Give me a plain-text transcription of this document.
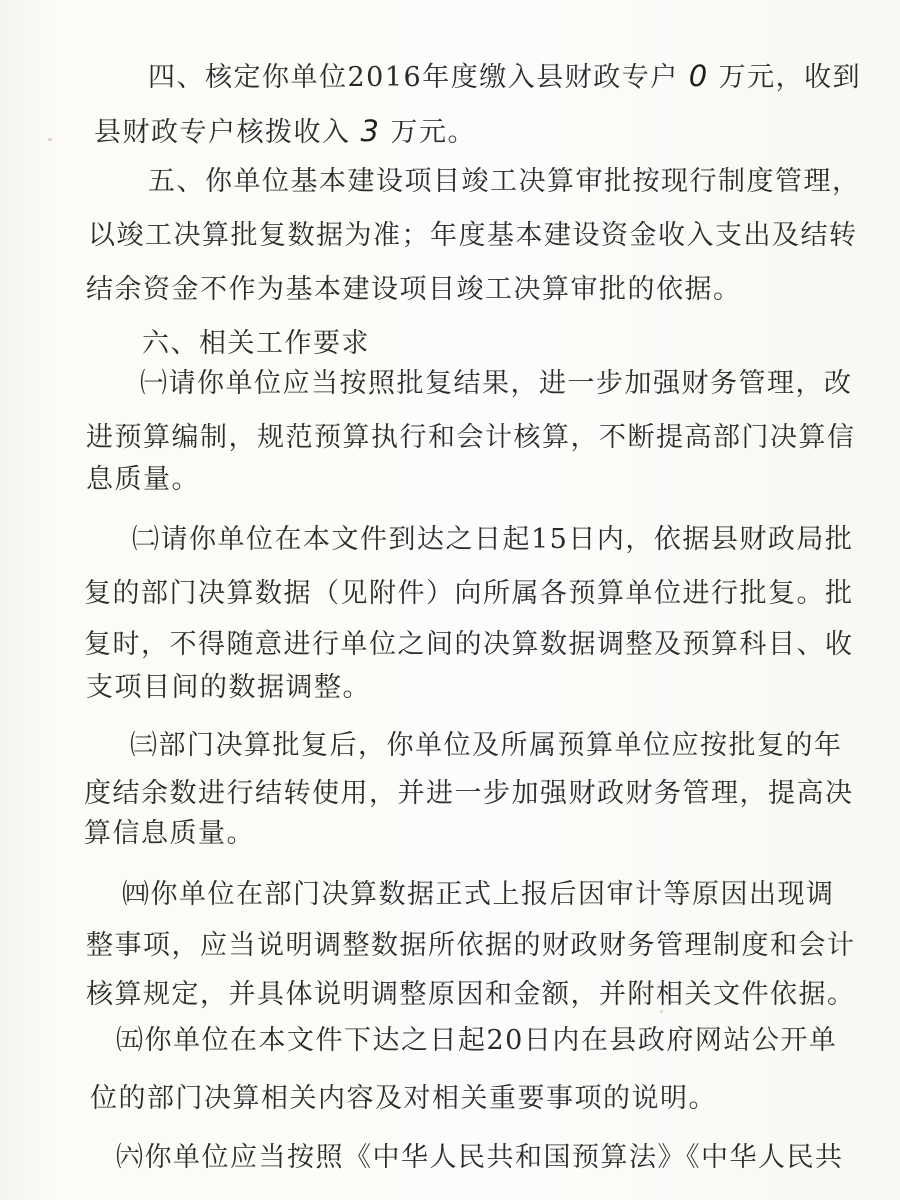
四、核定你单位2016年度缴入县财政专户 0 万元，收到
县财政专户核拨收入 3 万元。
五、你单位基本建设项目竣工决算审批按现行制度管理，
以竣工决算批复数据为准；年度基本建设资金收入支出及结转
结余资金不作为基本建设项目竣工决算审批的依据。
六、相关工作要求
㈠请你单位应当按照批复结果，进一步加强财务管理，改
进预算编制，规范预算执行和会计核算，不断提高部门决算信
息质量。
㈡请你单位在本文件到达之日起15日内，依据县财政局批
复的部门决算数据（见附件）向所属各预算单位进行批复。批
复时，不得随意进行单位之间的决算数据调整及预算科目、收
支项目间的数据调整。
㈢部门决算批复后，你单位及所属预算单位应按批复的年
度结余数进行结转使用，并进一步加强财政财务管理，提高决
算信息质量。
㈣你单位在部门决算数据正式上报后因审计等原因出现调
整事项，应当说明调整数据所依据的财政财务管理制度和会计
核算规定，并具体说明调整原因和金额，并附相关文件依据。
㈤你单位在本文件下达之日起20日内在县政府网站公开单
位的部门决算相关内容及对相关重要事项的说明。
㈥你单位应当按照《中华人民共和国预算法》《中华人民共
